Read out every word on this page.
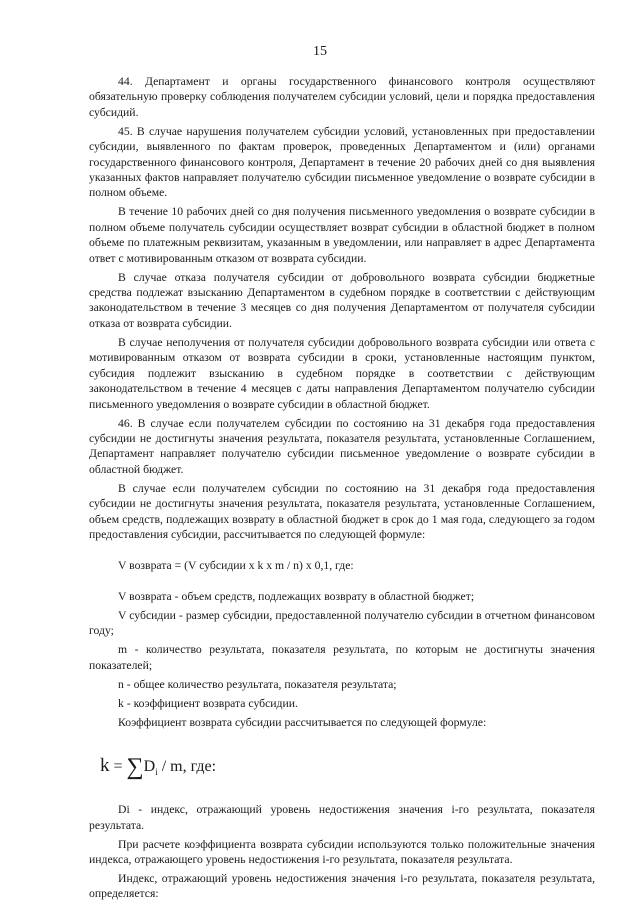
15

44. Департамент и органы государственного финансового контроля осуществляют обязательную проверку соблюдения получателем субсидии условий, цели и порядка предоставления субсидий.

45. В случае нарушения получателем субсидии условий, установленных при предоставлении субсидии, выявленного по фактам проверок, проведенных Департаментом и (или) органами государственного финансового контроля, Департамент в течение 20 рабочих дней со дня выявления указанных фактов направляет получателю субсидии письменное уведомление о возврате субсидии в полном объеме.

В течение 10 рабочих дней со дня получения письменного уведомления о возврате субсидии в полном объеме получатель субсидии осуществляет возврат субсидии в областной бюджет в полном объеме по платежным реквизитам, указанным в уведомлении, или направляет в адрес Департамента ответ с мотивированным отказом от возврата субсидии.

В случае отказа получателя субсидии от добровольного возврата субсидии бюджетные средства подлежат взысканию Департаментом в судебном порядке в соответствии с действующим законодательством в течение 3 месяцев со дня получения Департаментом от получателя субсидии отказа от возврата субсидии.

В случае неполучения от получателя субсидии добровольного возврата субсидии или ответа с мотивированным отказом от возврата субсидии в сроки, установленные настоящим пунктом, субсидия подлежит взысканию в судебном порядке в соответствии с действующим законодательством в течение 4 месяцев с даты направления Департаментом получателю субсидии письменного уведомления о возврате субсидии в областной бюджет.

46. В случае если получателем субсидии по состоянию на 31 декабря года предоставления субсидии не достигнуты значения результата, показателя результата, установленные Соглашением, Департамент направляет получателю субсидии письменное уведомление о возврате субсидии в областной бюджет.

В случае если получателем субсидии по состоянию на 31 декабря года предоставления субсидии не достигнуты значения результата, показателя результата, установленные Соглашением, объем средств, подлежащих возврату в областной бюджет в срок до 1 мая года, следующего за годом предоставления субсидии, рассчитывается по следующей формуле:

V возврата = (V субсидии x k x m / n) x 0,1, где:

V возврата - объем средств, подлежащих возврату в областной бюджет;

V субсидии - размер субсидии, предоставленной получателю субсидии в отчетном финансовом году;

m - количество результата, показателя результата, по которым не достигнуты значения показателей;

n - общее количество результата, показателя результата;

k - коэффициент возврата субсидии.

Коэффициент возврата субсидии рассчитывается по следующей формуле:

$k = \sum D_i / m$, где:

Di - индекс, отражающий уровень недостижения значения i-го результата, показателя результата.

При расчете коэффициента возврата субсидии используются только положительные значения индекса, отражающего уровень недостижения i-го результата, показателя результата.

Индекс, отражающий уровень недостижения значения i-го результата, показателя результата, определяется:
